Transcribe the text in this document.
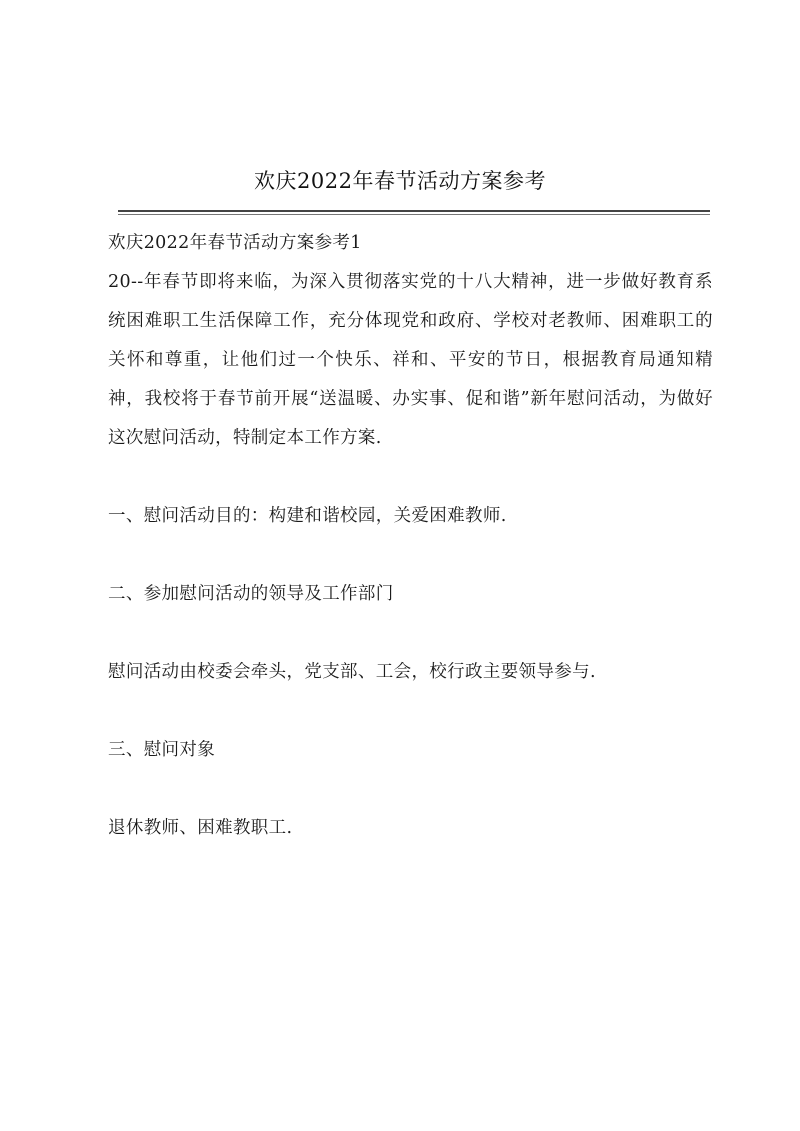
欢庆2022年春节活动方案参考

欢庆2022年春节活动方案参考1

20--年春节即将来临，为深入贯彻落实党的十八大精神，进一步做好教育系统困难职工生活保障工作，充分体现党和政府、学校对老教师、困难职工的关怀和尊重，让他们过一个快乐、祥和、平安的节日，根据教育局通知精神，我校将于春节前开展“送温暖、办实事、促和谐”新年慰问活动，为做好这次慰问活动，特制定本工作方案.

一、慰问活动目的：构建和谐校园，关爱困难教师.

二、参加慰问活动的领导及工作部门

慰问活动由校委会牵头，党支部、工会，校行政主要领导参与.

三、慰问对象

退休教师、困难教职工.
